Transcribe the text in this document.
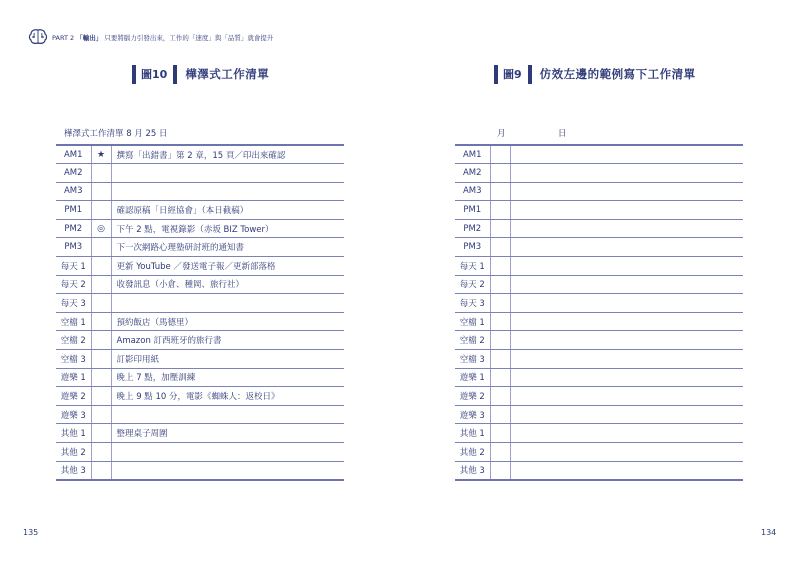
PART 2 「輸出」 只要將腦力引發出來，工作的「速度」與「品質」就會提升
圖10 樺澤式工作清單	圖9 仿效左邊的範例寫下工作清單
樺澤式工作清單 8 月 25 日	月	日
AM1	★	撰寫「出錯書」第 2 章，15 頁／印出來確認
AM2		
AM3		
PM1		確認原稿「日經協會」（本日截稿）
PM2	◎	下午 2 點，電視錄影（赤坂 BIZ Tower）
PM3		下一次網路心理塾研討班的通知書
每天 1		更新 YouTube ／發送電子報／更新部落格
每天 2		收發訊息（小倉、種岡、旅行社）
每天 3		
空檔 1		預約飯店（馬德里）
空檔 2		Amazon 訂西班牙的旅行書
空檔 3		訂影印用紙
遊樂 1		晚上 7 點，加壓訓練
遊樂 2		晚上 9 點 10 分，電影《蜘蛛人：返校日》
遊樂 3		
其他 1		整理桌子周圍
其他 2		
其他 3		
AM1		
AM2		
AM3		
PM1		
PM2		
PM3		
每天 1		
每天 2		
每天 3		
空檔 1		
空檔 2		
空檔 3		
遊樂 1		
遊樂 2		
遊樂 3		
其他 1		
其他 2		
其他 3		
135	134
